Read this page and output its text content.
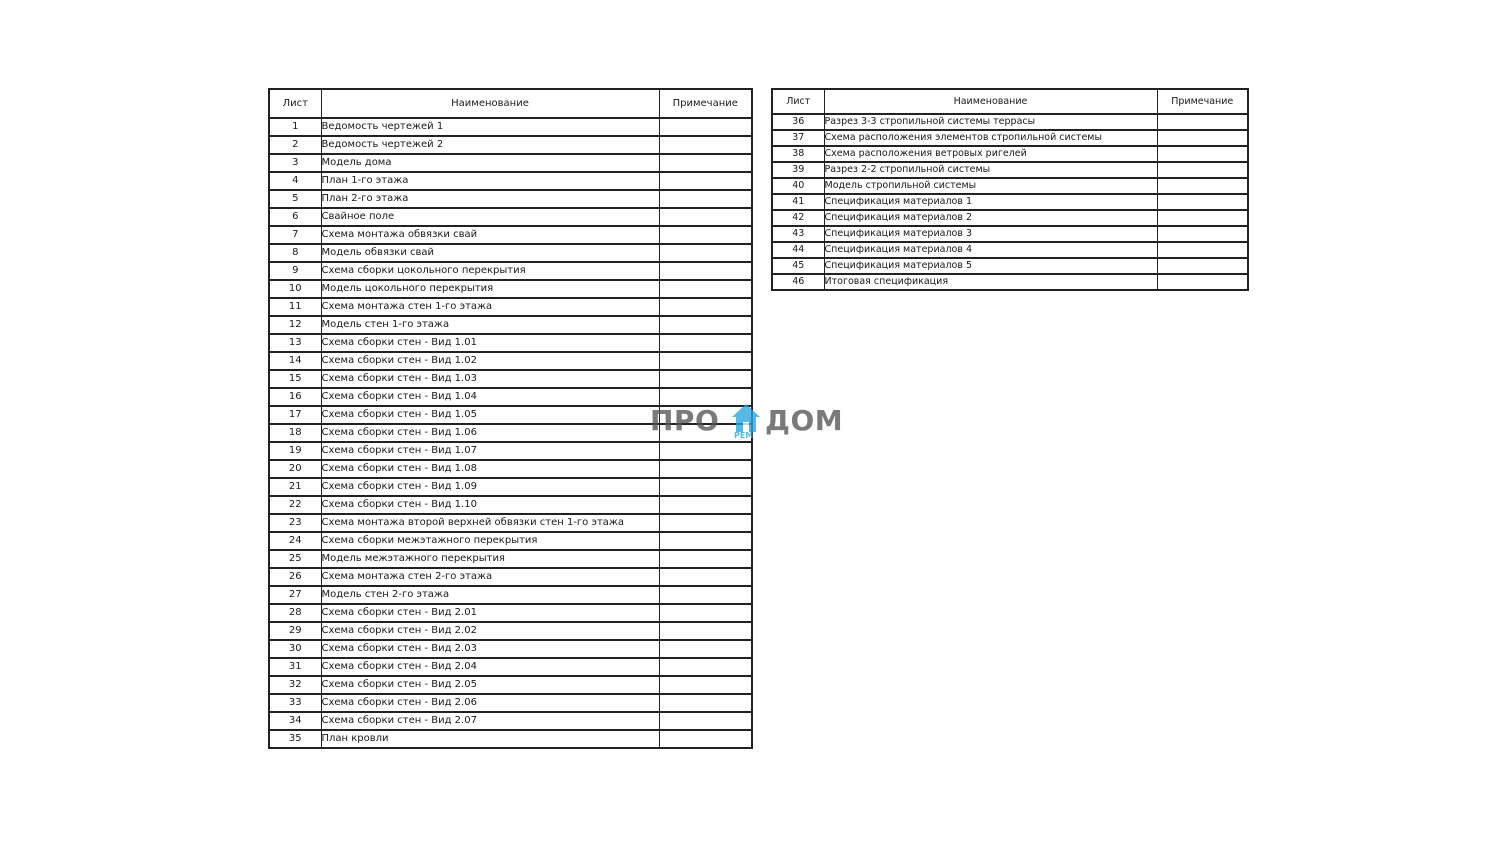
Лист	Наименование	Примечание
1	Ведомость чертежей 1	
2	Ведомость чертежей 2	
3	Модель дома	
4	План 1-го этажа	
5	План 2-го этажа	
6	Свайное поле	
7	Схема монтажа обвязки свай	
8	Модель обвязки свай	
9	Схема сборки цокольного перекрытия	
10	Модель цокольного перекрытия	
11	Схема монтажа стен 1-го этажа	
12	Модель стен 1-го этажа	
13	Схема сборки стен - Вид 1.01	
14	Схема сборки стен - Вид 1.02	
15	Схема сборки стен - Вид 1.03	
16	Схема сборки стен - Вид 1.04	
17	Схема сборки стен - Вид 1.05	
18	Схема сборки стен - Вид 1.06	
19	Схема сборки стен - Вид 1.07	
20	Схема сборки стен - Вид 1.08	
21	Схема сборки стен - Вид 1.09	
22	Схема сборки стен - Вид 1.10	
23	Схема монтажа второй верхней обвязки стен 1-го этажа	
24	Схема сборки межэтажного перекрытия	
25	Модель межэтажного перекрытия	
26	Схема монтажа стен 2-го этажа	
27	Модель стен 2-го этажа	
28	Схема сборки стен - Вид 2.01	
29	Схема сборки стен - Вид 2.02	
30	Схема сборки стен - Вид 2.03	
31	Схема сборки стен - Вид 2.04	
32	Схема сборки стен - Вид 2.05	
33	Схема сборки стен - Вид 2.06	
34	Схема сборки стен - Вид 2.07	
35	План кровли	
Лист	Наименование	Примечание
36	Разрез 3-3 стропильной системы террасы	
37	Схема расположения элементов стропильной системы	
38	Схема расположения ветровых ригелей	
39	Разрез 2-2 стропильной системы	
40	Модель стропильной системы	
41	Спецификация материалов 1	
42	Спецификация материалов 2	
43	Спецификация материалов 3	
44	Спецификация материалов 4	
45	Спецификация материалов 5	
46	Итоговая спецификация	
ПРО РЕМ ДОМ
